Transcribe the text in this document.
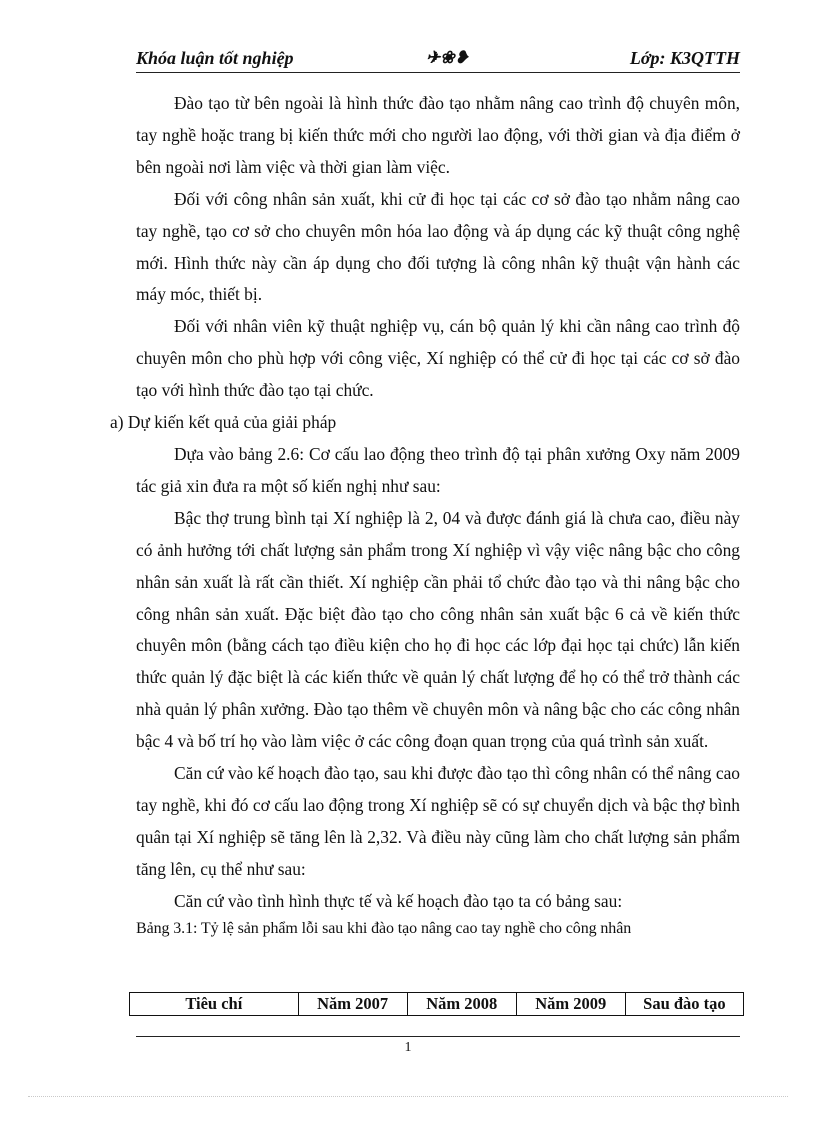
Khóa luận tốt nghiệp	✈❀❥	Lớp: K3QTTH

Đào tạo từ bên ngoài là hình thức đào tạo nhằm nâng cao trình độ chuyên môn, tay nghề hoặc trang bị kiến thức mới cho người lao động, với thời gian và địa điểm ở bên ngoài nơi làm việc và thời gian làm việc.

Đối với công nhân sản xuất, khi cử đi học tại các cơ sở đào tạo nhằm nâng cao tay nghề, tạo cơ sở cho chuyên môn hóa lao động và áp dụng các kỹ thuật công nghệ mới. Hình thức này cần áp dụng cho đối tượng là công nhân kỹ thuật vận hành các máy móc, thiết bị.

Đối với nhân viên kỹ thuật nghiệp vụ, cán bộ quản lý khi cần nâng cao trình độ chuyên môn cho phù hợp với công việc, Xí nghiệp có thể cử đi học tại các cơ sở đào tạo với hình thức đào tạo tại chức.

a) Dự kiến kết quả của giải pháp

Dựa vào bảng 2.6: Cơ cấu lao động theo trình độ tại phân xưởng Oxy năm 2009 tác giả xin đưa ra một số kiến nghị như sau:

Bậc thợ trung bình tại Xí nghiệp là 2, 04 và được đánh giá là chưa cao, điều này có ảnh hưởng tới chất lượng sản phẩm trong Xí nghiệp vì vậy việc nâng bậc cho công nhân sản xuất là rất cần thiết. Xí nghiệp cần phải tổ chức đào tạo và thi nâng bậc cho công nhân sản xuất. Đặc biệt đào tạo cho công nhân sản xuất bậc 6 cả về kiến thức chuyên môn (bằng cách tạo điều kiện cho họ đi học các lớp đại học tại chức) lẫn kiến thức quản lý đặc biệt là các kiến thức về quản lý chất lượng để họ có thể trở thành các nhà quản lý phân xưởng. Đào tạo thêm về chuyên môn và nâng bậc cho các công nhân bậc 4 và bố trí họ vào làm việc ở các công đoạn quan trọng của quá trình sản xuất.

Căn cứ vào kế hoạch đào tạo, sau khi được đào tạo thì công nhân có thể nâng cao tay nghề, khi đó cơ cấu lao động trong Xí nghiệp sẽ có sự chuyển dịch và bậc thợ bình quân tại Xí nghiệp sẽ tăng lên là 2,32. Và điều này cũng làm cho chất lượng sản phẩm tăng lên, cụ thể như sau:

Căn cứ vào tình hình thực tế và kế hoạch đào tạo ta có bảng sau:

Bảng 3.1: Tỷ lệ sản phẩm lỗi sau khi đào tạo nâng cao tay nghề cho công nhân

Tiêu chí	Năm 2007	Năm 2008	Năm 2009	Sau đào tạo
1
